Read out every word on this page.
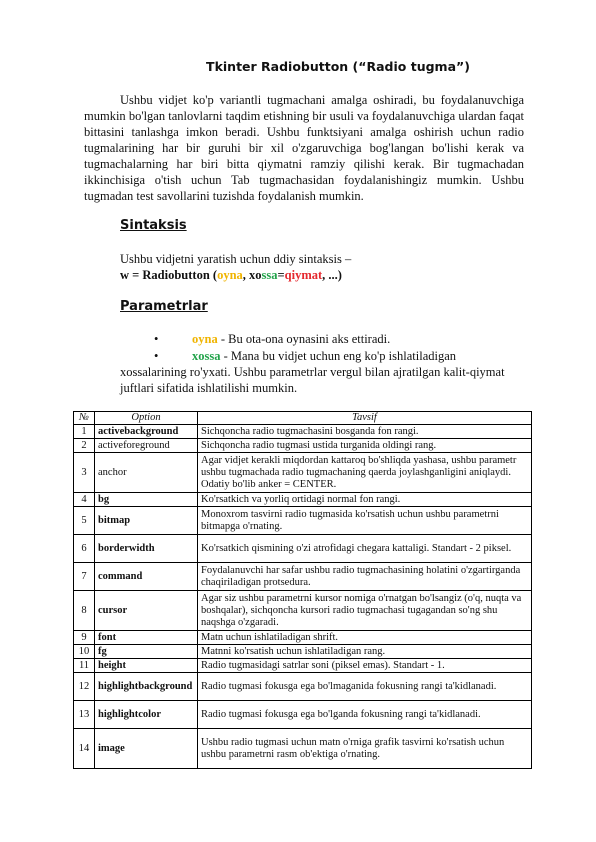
Tkinter Radiobutton (“Radio tugma”)
Ushbu vidjet ko'p variantli tugmachani amalga oshiradi, bu foydalanuvchiga mumkin bo'lgan tanlovlarni taqdim etishning bir usuli va foydalanuvchiga ulardan faqat bittasini tanlashga imkon beradi. Ushbu funktsiyani amalga oshirish uchun radio tugmalarining har bir guruhi bir xil o'zgaruvchiga bog'langan bo'lishi kerak va tugmachalarning har biri bitta qiymatni ramziy qilishi kerak. Bir tugmachadan ikkinchisiga o'tish uchun Tab tugmachasidan foydalanishingiz mumkin. Ushbu tugmadan test savollarini tuzishda foydalanish mumkin.
Sintaksis
Ushbu vidjetni yaratish uchun ddiy sintaksis –
w = Radiobutton (oyna, xossa=qiymat, ...)
Parametrlar
•	oyna - Bu ota-ona oynasini aks ettiradi.
•	xossa - Mana bu vidjet uchun eng ko'p ishlatiladigan
xossalarining ro'yxati. Ushbu parametrlar vergul bilan ajratilgan kalit-qiymat
juftlari sifatida ishlatilishi mumkin.
№	Option	Tavsif
1	activebackground	Sichqoncha radio tugmachasini bosganda fon rangi.
2	activeforeground	Sichqoncha radio tugmasi ustida turganida oldingi rang.
3	anchor	Agar vidjet kerakli miqdordan kattaroq bo'shliqda yashasa, ushbu parametr ushbu tugmachada radio tugmachaning qaerda joylashganligini aniqlaydi. Odatiy bo'lib anker = CENTER.
4	bg	Ko'rsatkich va yorliq ortidagi normal fon rangi.
5	bitmap	Monoxrom tasvirni radio tugmasida ko'rsatish uchun ushbu parametrni bitmapga o'rnating.
6	borderwidth	Ko'rsatkich qismining o'zi atrofidagi chegara kattaligi. Standart - 2 piksel.
7	command	Foydalanuvchi har safar ushbu radio tugmachasining holatini o'zgartirganda chaqiriladigan protsedura.
8	cursor	Agar siz ushbu parametrni kursor nomiga o'rnatgan bo'lsangiz (o'q, nuqta va boshqalar), sichqoncha kursori radio tugmachasi tugagandan so'ng shu naqshga o'zgaradi.
9	font	Matn uchun ishlatiladigan shrift.
10	fg	Matnni ko'rsatish uchun ishlatiladigan rang.
11	height	Radio tugmasidagi satrlar soni (piksel emas). Standart - 1.
12	highlightbackground	Radio tugmasi fokusga ega bo'lmaganida fokusning rangi ta'kidlanadi.
13	highlightcolor	Radio tugmasi fokusga ega bo'lganda fokusning rangi ta'kidlanadi.
14	image	Ushbu radio tugmasi uchun matn o'rniga grafik tasvirni ko'rsatish uchun ushbu parametrni rasm ob'ektiga o'rnating.
